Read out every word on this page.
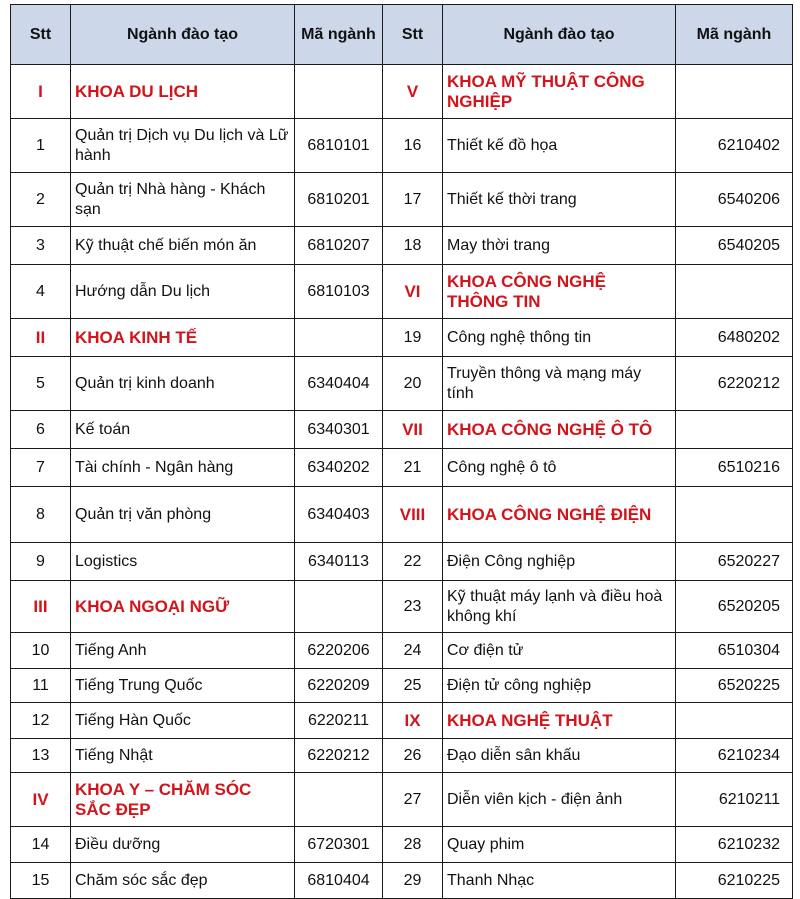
Stt	Ngành đào tạo	Mã ngành	Stt	Ngành đào tạo	Mã ngành
I	KHOA DU LỊCH		V	KHOA MỸ THUẬT CÔNG NGHIỆP	
1	Quản trị Dịch vụ Du lịch và Lữ hành	6810101	16	Thiết kế đồ họa	6210402
2	Quản trị Nhà hàng - Khách sạn	6810201	17	Thiết kế thời trang	6540206
3	Kỹ thuật chế biến món ăn	6810207	18	May thời trang	6540205
4	Hướng dẫn Du lịch	6810103	VI	KHOA CÔNG NGHỆ THÔNG TIN	
II	KHOA KINH TẾ		19	Công nghệ thông tin	6480202
5	Quản trị kinh doanh	6340404	20	Truyền thông và mạng máy tính	6220212
6	Kế toán	6340301	VII	KHOA CÔNG NGHỆ Ô TÔ	
7	Tài chính - Ngân hàng	6340202	21	Công nghệ ô tô	6510216
8	Quản trị văn phòng	6340403	VIII	KHOA CÔNG NGHỆ ĐIỆN	
9	Logistics	6340113	22	Điện Công nghiệp	6520227
III	KHOA NGOẠI NGỮ		23	Kỹ thuật máy lạnh và điều hoà không khí	6520205
10	Tiếng Anh	6220206	24	Cơ điện tử	6510304
11	Tiếng Trung Quốc	6220209	25	Điện tử công nghiệp	6520225
12	Tiếng Hàn Quốc	6220211	IX	KHOA NGHỆ THUẬT	
13	Tiếng Nhật	6220212	26	Đạo diễn sân khấu	6210234
IV	KHOA Y – CHĂM SÓC SẮC ĐẸP		27	Diễn viên kịch - điện ảnh	6210211
14	Điều dưỡng	6720301	28	Quay phim	6210232
15	Chăm sóc sắc đẹp	6810404	29	Thanh Nhạc	6210225
